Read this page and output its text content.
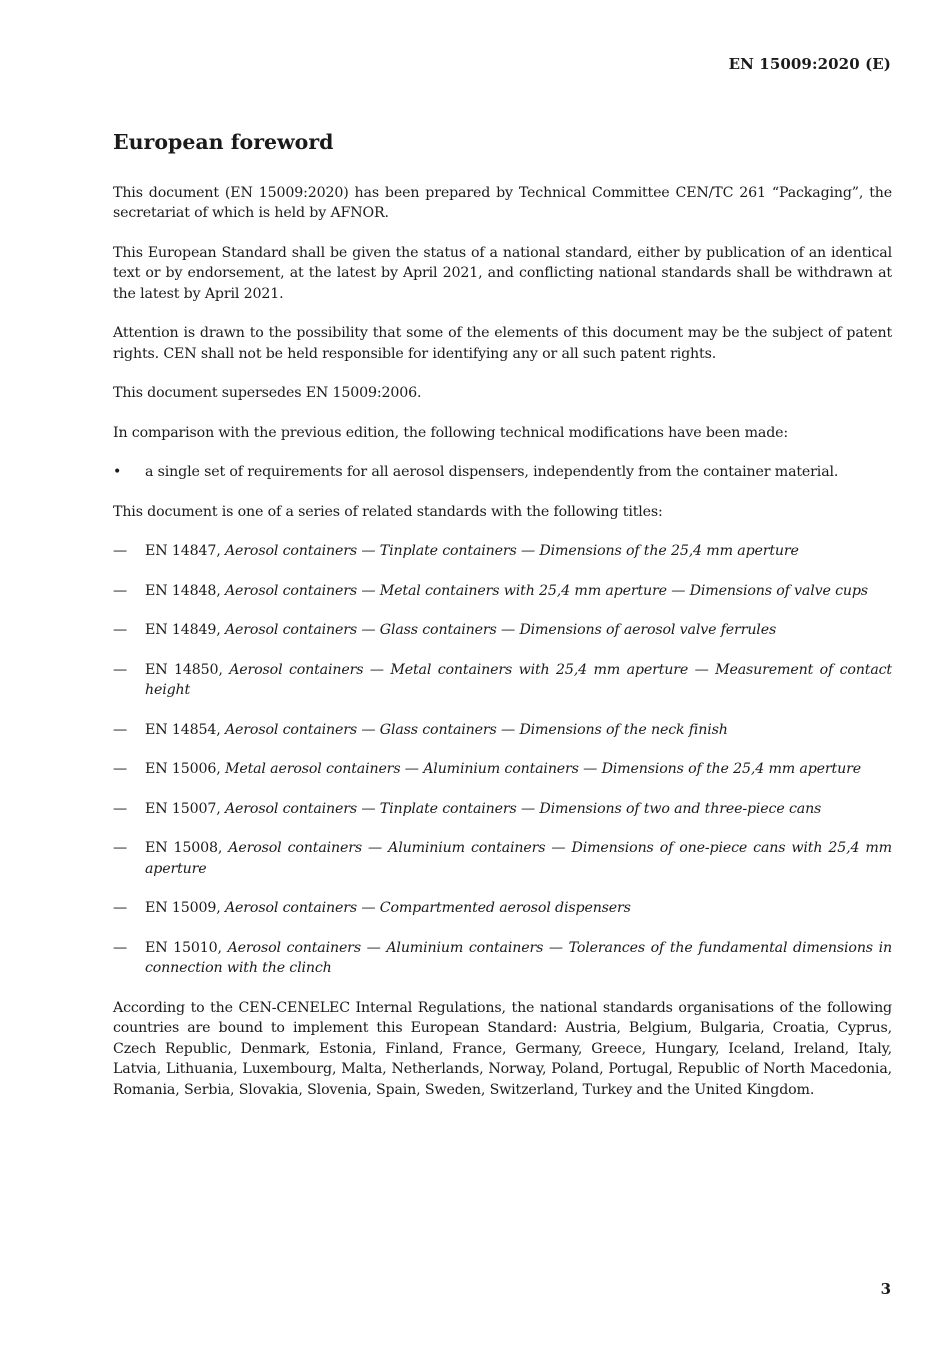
EN 15009:2020 (E)
European foreword

This document (EN 15009:2020) has been prepared by Technical Committee CEN/TC 261 “Packaging”, the secretariat of which is held by AFNOR.

This European Standard shall be given the status of a national standard, either by publication of an identical text or by endorsement, at the latest by April 2021, and conflicting national standards shall be withdrawn at the latest by April 2021.

Attention is drawn to the possibility that some of the elements of this document may be the subject of patent rights. CEN shall not be held responsible for identifying any or all such patent rights.

This document supersedes EN 15009:2006.

In comparison with the previous edition, the following technical modifications have been made:

• a single set of requirements for all aerosol dispensers, independently from the container material.

This document is one of a series of related standards with the following titles:

— EN 14847, Aerosol containers — Tinplate containers — Dimensions of the 25,4 mm aperture
— EN 14848, Aerosol containers — Metal containers with 25,4 mm aperture — Dimensions of valve cups
— EN 14849, Aerosol containers — Glass containers — Dimensions of aerosol valve ferrules
— EN 14850, Aerosol containers — Metal containers with 25,4 mm aperture — Measurement of contact height
— EN 14854, Aerosol containers — Glass containers — Dimensions of the neck finish
— EN 15006, Metal aerosol containers — Aluminium containers — Dimensions of the 25,4 mm aperture
— EN 15007, Aerosol containers — Tinplate containers — Dimensions of two and three-piece cans
— EN 15008, Aerosol containers — Aluminium containers — Dimensions of one-piece cans with 25,4 mm aperture
— EN 15009, Aerosol containers — Compartmented aerosol dispensers
— EN 15010, Aerosol containers — Aluminium containers — Tolerances of the fundamental dimensions in connection with the clinch

According to the CEN-CENELEC Internal Regulations, the national standards organisations of the following countries are bound to implement this European Standard: Austria, Belgium, Bulgaria, Croatia, Cyprus, Czech Republic, Denmark, Estonia, Finland, France, Germany, Greece, Hungary, Iceland, Ireland, Italy, Latvia, Lithuania, Luxembourg, Malta, Netherlands, Norway, Poland, Portugal, Republic of North Macedonia, Romania, Serbia, Slovakia, Slovenia, Spain, Sweden, Switzerland, Turkey and the United Kingdom.

3
